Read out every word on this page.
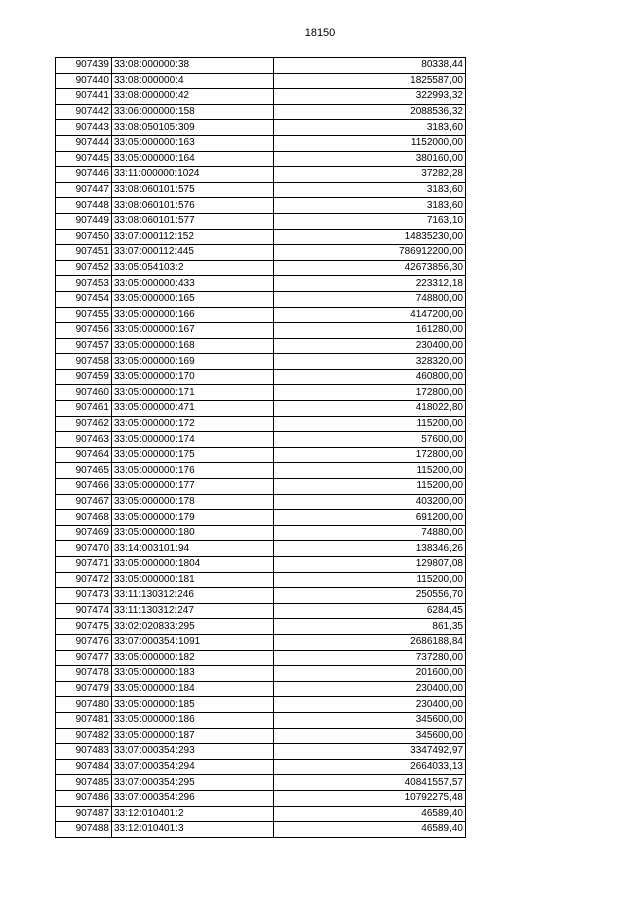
18150
907439	33:08:000000:38	80338,44
907440	33:08:000000:4	1825587,00
907441	33:08:000000:42	322993,32
907442	33:06:000000:158	2088536,32
907443	33:08:050105:309	3183,60
907444	33:05:000000:163	1152000,00
907445	33:05:000000:164	380160,00
907446	33:11:000000:1024	37282,28
907447	33:08:060101:575	3183,60
907448	33:08:060101:576	3183,60
907449	33:08:060101:577	7163,10
907450	33:07:000112:152	14835230,00
907451	33:07:000112:445	786912200,00
907452	33:05:054103:2	42673856,30
907453	33:05:000000:433	223312,18
907454	33:05:000000:165	748800,00
907455	33:05:000000:166	4147200,00
907456	33:05:000000:167	161280,00
907457	33:05:000000:168	230400,00
907458	33:05:000000:169	328320,00
907459	33:05:000000:170	460800,00
907460	33:05:000000:171	172800,00
907461	33:05:000000:471	418022,80
907462	33:05:000000:172	115200,00
907463	33:05:000000:174	57600,00
907464	33:05:000000:175	172800,00
907465	33:05:000000:176	115200,00
907466	33:05:000000:177	115200,00
907467	33:05:000000:178	403200,00
907468	33:05:000000:179	691200,00
907469	33:05:000000:180	74880,00
907470	33:14:003101:94	138346,26
907471	33:05:000000:1804	129807,08
907472	33:05:000000:181	115200,00
907473	33:11:130312:246	250556,70
907474	33:11:130312:247	6284,45
907475	33:02:020833:295	861,35
907476	33:07:000354:1091	2686188,84
907477	33:05:000000:182	737280,00
907478	33:05:000000:183	201600,00
907479	33:05:000000:184	230400,00
907480	33:05:000000:185	230400,00
907481	33:05:000000:186	345600,00
907482	33:05:000000:187	345600,00
907483	33:07:000354:293	3347492,97
907484	33:07:000354:294	2664033,13
907485	33:07:000354:295	40841557,57
907486	33:07:000354:296	10792275,48
907487	33:12:010401:2	46589,40
907488	33:12:010401:3	46589,40
